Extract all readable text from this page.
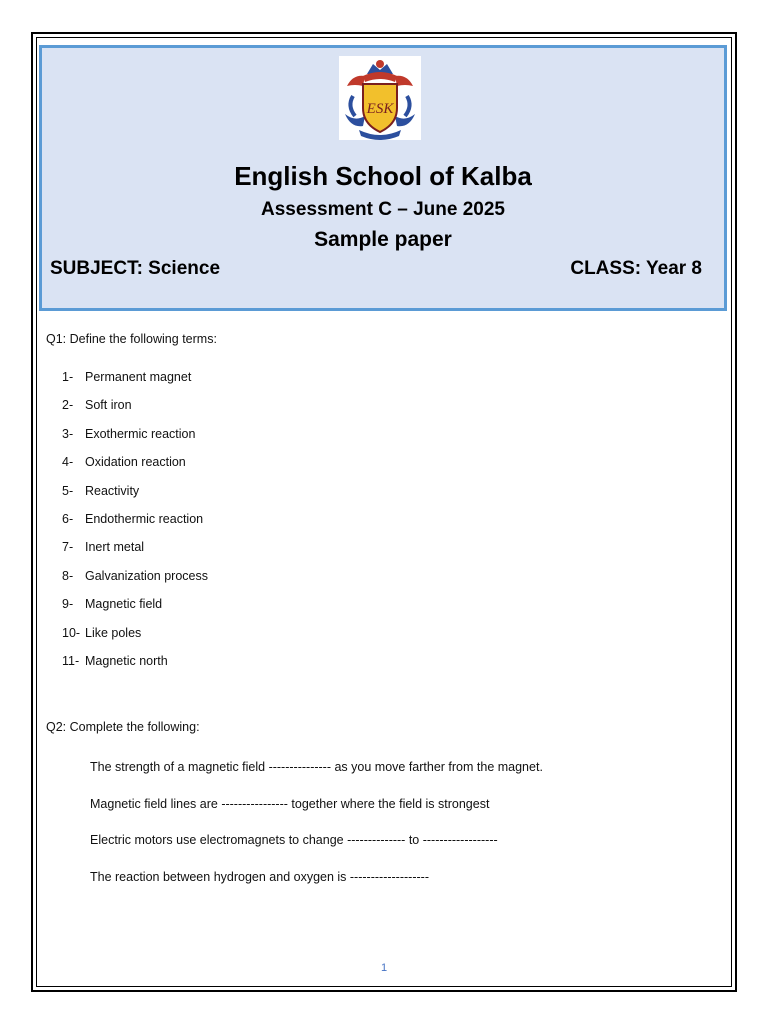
ESK
English School of Kalba
Assessment C – June 2025
Sample paper
SUBJECT: Science	CLASS: Year 8
Q1: Define the following terms:
1- Permanent magnet
2- Soft iron
3- Exothermic reaction
4- Oxidation reaction
5- Reactivity
6- Endothermic reaction
7- Inert metal
8- Galvanization process
9- Magnetic field
10- Like poles
11- Magnetic north
Q2: Complete the following:
The strength of a magnetic field --------------- as you move farther from the magnet.
Magnetic field lines are ---------------- together where the field is strongest
Electric motors use electromagnets to change -------------- to ------------------
The reaction between hydrogen and oxygen is -------------------
1
